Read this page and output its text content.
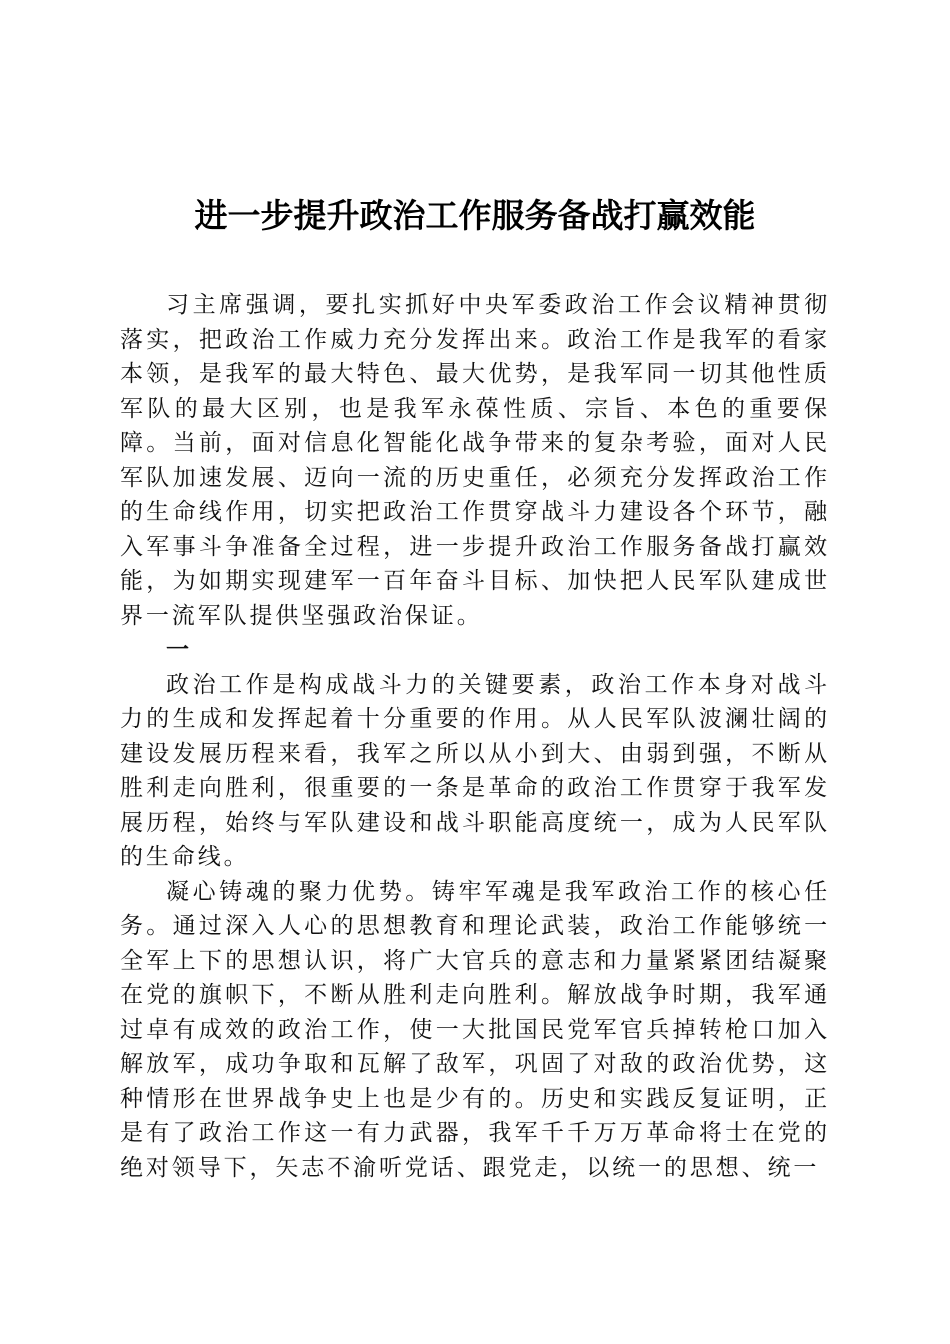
进一步提升政治工作服务备战打赢效能

习主席强调，要扎实抓好中央军委政治工作会议精神贯彻落实，把政治工作威力充分发挥出来。政治工作是我军的看家本领，是我军的最大特色、最大优势，是我军同一切其他性质军队的最大区别，也是我军永葆性质、宗旨、本色的重要保障。当前，面对信息化智能化战争带来的复杂考验，面对人民军队加速发展、迈向一流的历史重任，必须充分发挥政治工作的生命线作用，切实把政治工作贯穿战斗力建设各个环节，融入军事斗争准备全过程，进一步提升政治工作服务备战打赢效能，为如期实现建军一百年奋斗目标、加快把人民军队建成世界一流军队提供坚强政治保证。

一

政治工作是构成战斗力的关键要素，政治工作本身对战斗力的生成和发挥起着十分重要的作用。从人民军队波澜壮阔的建设发展历程来看，我军之所以从小到大、由弱到强，不断从胜利走向胜利，很重要的一条是革命的政治工作贯穿于我军发展历程，始终与军队建设和战斗职能高度统一，成为人民军队的生命线。

凝心铸魂的聚力优势。铸牢军魂是我军政治工作的核心任务。通过深入人心的思想教育和理论武装，政治工作能够统一全军上下的思想认识，将广大官兵的意志和力量紧紧团结凝聚在党的旗帜下，不断从胜利走向胜利。解放战争时期，我军通过卓有成效的政治工作，使一大批国民党军官兵掉转枪口加入解放军，成功争取和瓦解了敌军，巩固了对敌的政治优势，这种情形在世界战争史上也是少有的。历史和实践反复证明，正是有了政治工作这一有力武器，我军千千万万革命将士在党的绝对领导下，矢志不渝听党话、跟党走，以统一的思想、统一
